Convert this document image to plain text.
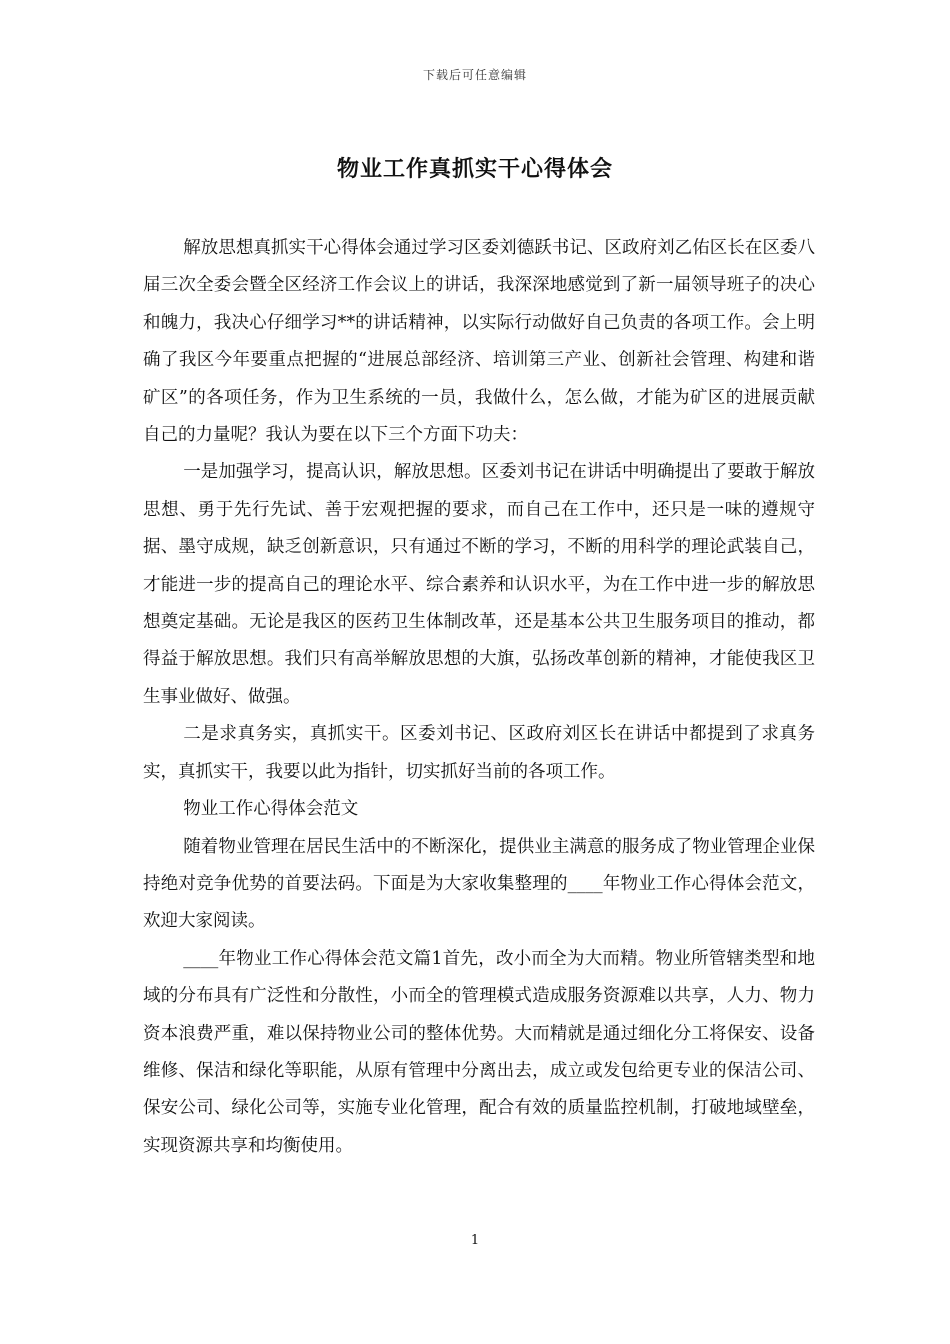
下载后可任意编辑
物业工作真抓实干心得体会

解放思想真抓实干心得体会通过学习区委刘德跃书记、区政府刘乙佑区长在区委八届三次全委会暨全区经济工作会议上的讲话，我深深地感觉到了新一届领导班子的决心和魄力，我决心仔细学习**的讲话精神，以实际行动做好自己负责的各项工作。会上明确了我区今年要重点把握的“进展总部经济、培训第三产业、创新社会管理、构建和谐矿区”的各项任务，作为卫生系统的一员，我做什么，怎么做，才能为矿区的进展贡献自己的力量呢？我认为要在以下三个方面下功夫：

一是加强学习，提高认识，解放思想。区委刘书记在讲话中明确提出了要敢于解放思想、勇于先行先试、善于宏观把握的要求，而自己在工作中，还只是一味的遵规守据、墨守成规，缺乏创新意识，只有通过不断的学习，不断的用科学的理论武装自己，才能进一步的提高自己的理论水平、综合素养和认识水平，为在工作中进一步的解放思想奠定基础。无论是我区的医药卫生体制改革，还是基本公共卫生服务项目的推动，都得益于解放思想。我们只有高举解放思想的大旗，弘扬改革创新的精神，才能使我区卫生事业做好、做强。

二是求真务实，真抓实干。区委刘书记、区政府刘区长在讲话中都提到了求真务实，真抓实干，我要以此为指针，切实抓好当前的各项工作。

物业工作心得体会范文

随着物业管理在居民生活中的不断深化，提供业主满意的服务成了物业管理企业保持绝对竞争优势的首要法码。下面是为大家收集整理的____年物业工作心得体会范文，欢迎大家阅读。

____年物业工作心得体会范文篇1首先，改小而全为大而精。物业所管辖类型和地域的分布具有广泛性和分散性，小而全的管理模式造成服务资源难以共享，人力、物力资本浪费严重，难以保持物业公司的整体优势。大而精就是通过细化分工将保安、设备维修、保洁和绿化等职能，从原有管理中分离出去，成立或发包给更专业的保洁公司、保安公司、绿化公司等，实施专业化管理，配合有效的质量监控机制，打破地域壁垒，实现资源共享和均衡使用。

1
